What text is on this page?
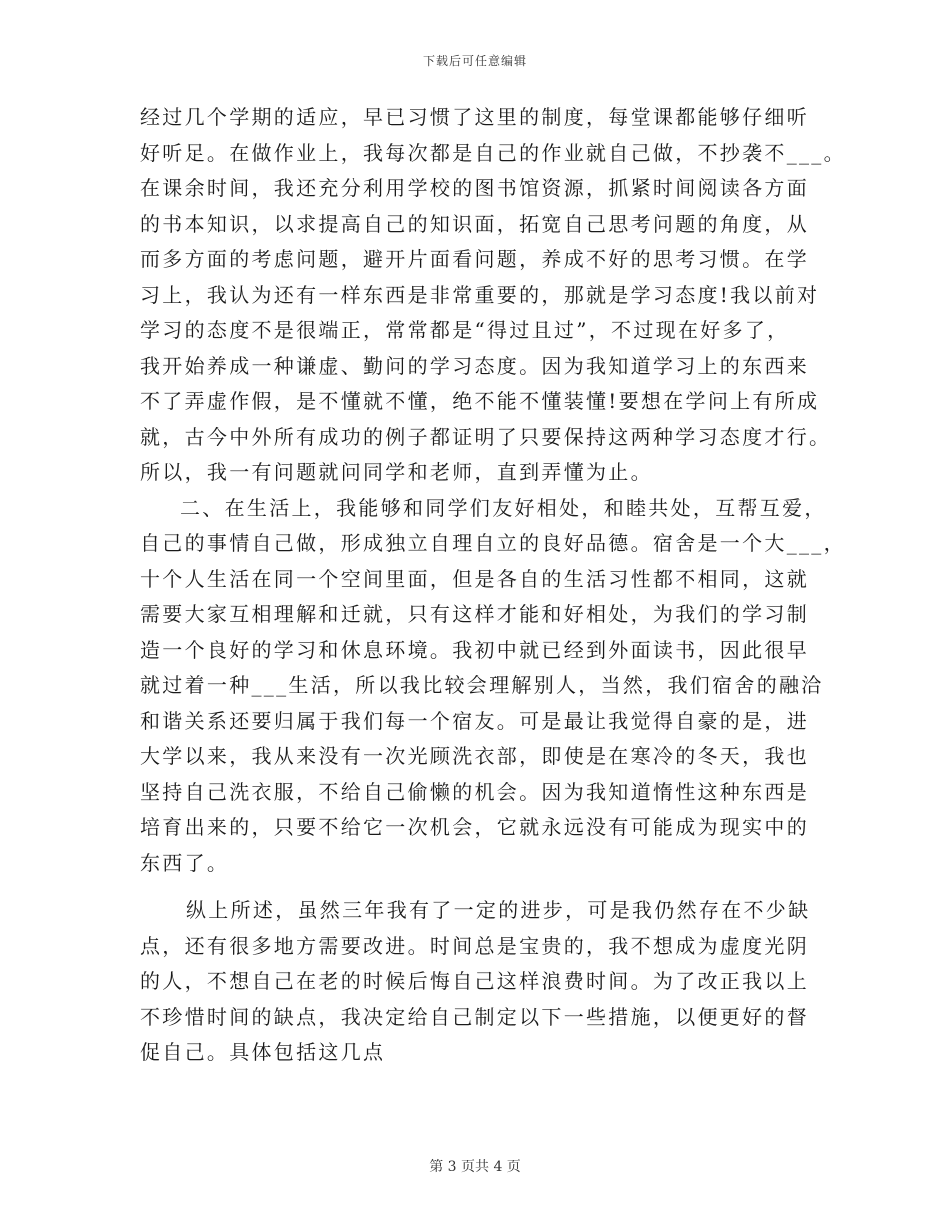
下载后可任意编辑
经过几个学期的适应，早已习惯了这里的制度，每堂课都能够仔细听
好听足。在做作业上，我每次都是自己的作业就自己做，不抄袭不___。
在课余时间，我还充分利用学校的图书馆资源，抓紧时间阅读各方面
的书本知识，以求提高自己的知识面，拓宽自己思考问题的角度，从
而多方面的考虑问题，避开片面看问题，养成不好的思考习惯。在学
习上，我认为还有一样东西是非常重要的，那就是学习态度!我以前对
学习的态度不是很端正，常常都是“得过且过”，不过现在好多了，
我开始养成一种谦虚、勤问的学习态度。因为我知道学习上的东西来
不了弄虚作假，是不懂就不懂，绝不能不懂装懂!要想在学问上有所成
就，古今中外所有成功的例子都证明了只要保持这两种学习态度才行。
所以，我一有问题就问同学和老师，直到弄懂为止。
二、在生活上，我能够和同学们友好相处，和睦共处，互帮互爱，
自己的事情自己做，形成独立自理自立的良好品德。宿舍是一个大___，
十个人生活在同一个空间里面，但是各自的生活习性都不相同，这就
需要大家互相理解和迁就，只有这样才能和好相处，为我们的学习制
造一个良好的学习和休息环境。我初中就已经到外面读书，因此很早
就过着一种___生活，所以我比较会理解别人，当然，我们宿舍的融洽
和谐关系还要归属于我们每一个宿友。可是最让我觉得自豪的是，进
大学以来，我从来没有一次光顾洗衣部，即使是在寒冷的冬天，我也
坚持自己洗衣服，不给自己偷懒的机会。因为我知道惰性这种东西是
培育出来的，只要不给它一次机会，它就永远没有可能成为现实中的
东西了。
纵上所述，虽然三年我有了一定的进步，可是我仍然存在不少缺
点，还有很多地方需要改进。时间总是宝贵的，我不想成为虚度光阴
的人，不想自己在老的时候后悔自己这样浪费时间。为了改正我以上
不珍惜时间的缺点，我决定给自己制定以下一些措施，以便更好的督
促自己。具体包括这几点
第 3 页共 4 页
